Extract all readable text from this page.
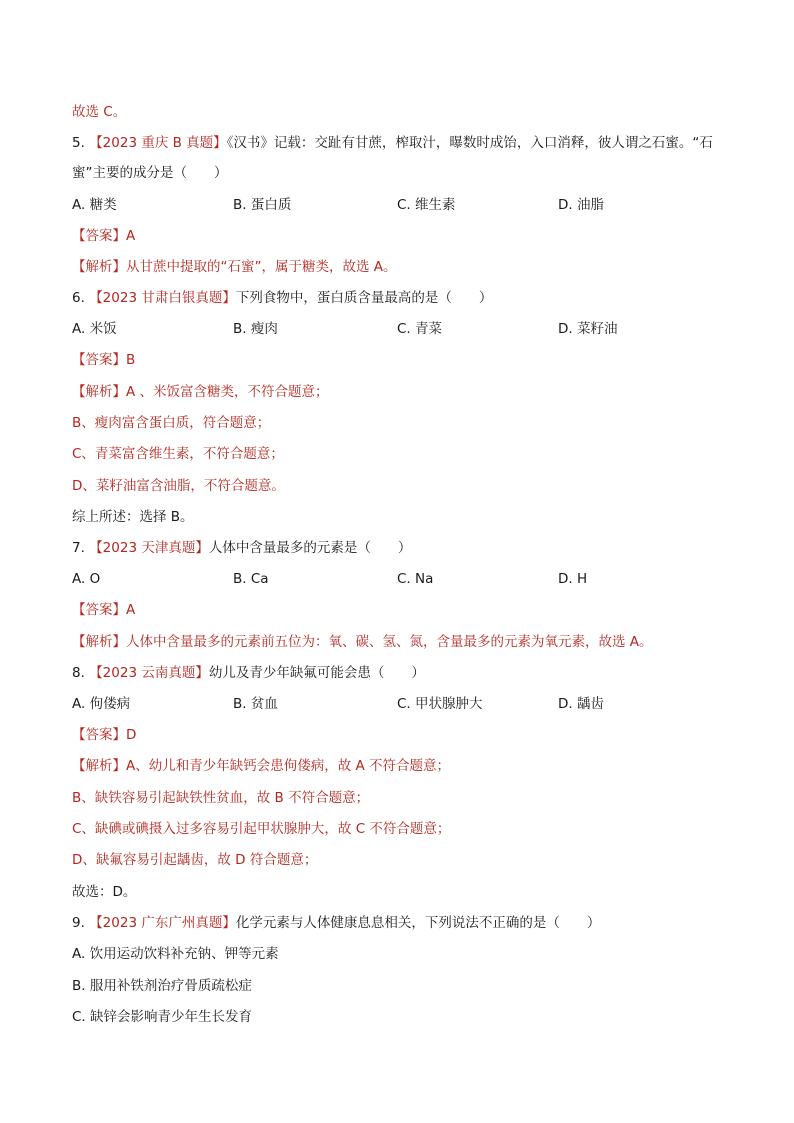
故选 C。
5. 【2023 重庆 B 真题】《汉书》记载：交趾有甘蔗，榨取汁，曝数时成饴，入口消释，彼人谓之石蜜。“石
蜜”主要的成分是（　　）
A. 糖类	B. 蛋白质	C. 维生素	D. 油脂
【答案】A
【解析】从甘蔗中提取的“石蜜”，属于糖类，故选 A。
6. 【2023 甘肃白银真题】下列食物中，蛋白质含量最高的是（　　）
A. 米饭	B. 瘦肉	C. 青菜	D. 菜籽油
【答案】B
【解析】A 、米饭富含糖类，不符合题意；
B、瘦肉富含蛋白质，符合题意；
C、青菜富含维生素，不符合题意；
D、菜籽油富含油脂，不符合题意。
综上所述：选择 B。
7. 【2023 天津真题】人体中含量最多的元素是（　　）
A. O	B. Ca	C. Na	D. H
【答案】A
【解析】人体中含量最多的元素前五位为：氧、碳、氢、氮，含量最多的元素为氧元素，故选 A。
8. 【2023 云南真题】幼儿及青少年缺氟可能会患（　　）
A. 佝偻病	B. 贫血	C. 甲状腺肿大	D. 龋齿
【答案】D
【解析】A、幼儿和青少年缺钙会患佝偻病，故 A 不符合题意；
B、缺铁容易引起缺铁性贫血，故 B 不符合题意；
C、缺碘或碘摄入过多容易引起甲状腺肿大，故 C 不符合题意；
D、缺氟容易引起龋齿，故 D 符合题意；
故选：D。
9. 【2023 广东广州真题】化学元素与人体健康息息相关，下列说法不正确的是（　　）
A. 饮用运动饮料补充钠、钾等元素
B. 服用补铁剂治疗骨质疏松症
C. 缺锌会影响青少年生长发育
